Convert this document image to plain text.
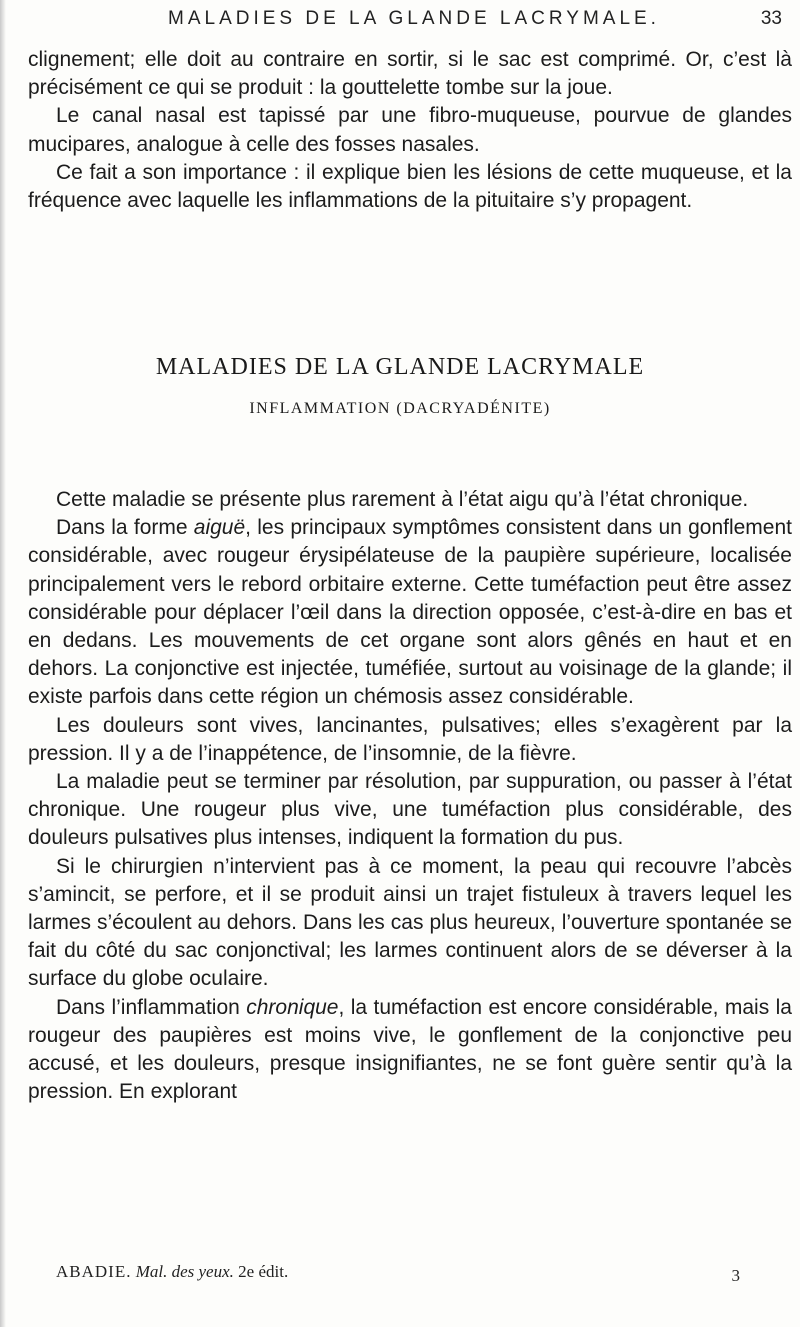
MALADIES DE LA GLANDE LACRYMALE.	33

clignement; elle doit au contraire en sortir, si le sac est comprimé. Or, c’est là précisément ce qui se produit : la gouttelette tombe sur la joue.

Le canal nasal est tapissé par une fibro-muqueuse, pourvue de glandes mucipares, analogue à celle des fosses nasales.

Ce fait a son importance : il explique bien les lésions de cette muqueuse, et la fréquence avec laquelle les inflammations de la pituitaire s’y propagent.

MALADIES DE LA GLANDE LACRYMALE
INFLAMMATION (DACRYADÉNITE)

Cette maladie se présente plus rarement à l’état aigu qu’à l’état chronique.

Dans la forme aiguë, les principaux symptômes consistent dans un gonflement considérable, avec rougeur érysipélateuse de la paupière supérieure, localisée principalement vers le rebord orbitaire externe. Cette tuméfaction peut être assez considérable pour déplacer l’œil dans la direction opposée, c’est-à-dire en bas et en dedans. Les mouvements de cet organe sont alors gênés en haut et en dehors. La conjonctive est injectée, tuméfiée, surtout au voisinage de la glande; il existe parfois dans cette région un chémosis assez considérable.

Les douleurs sont vives, lancinantes, pulsatives; elles s’exagèrent par la pression. Il y a de l’inappétence, de l’insomnie, de la fièvre.

La maladie peut se terminer par résolution, par suppuration, ou passer à l’état chronique. Une rougeur plus vive, une tuméfaction plus considérable, des douleurs pulsatives plus intenses, indiquent la formation du pus.

Si le chirurgien n’intervient pas à ce moment, la peau qui recouvre l’abcès s’amincit, se perfore, et il se produit ainsi un trajet fistuleux à travers lequel les larmes s’écoulent au dehors. Dans les cas plus heureux, l’ouverture spontanée se fait du côté du sac conjonctival; les larmes continuent alors de se déverser à la surface du globe oculaire.

Dans l’inflammation chronique, la tuméfaction est encore considérable, mais la rougeur des paupières est moins vive, le gonflement de la conjonctive peu accusé, et les douleurs, presque insignifiantes, ne se font guère sentir qu’à la pression. En explorant

ABADIE. Mal. des yeux. 2e édit.	3
